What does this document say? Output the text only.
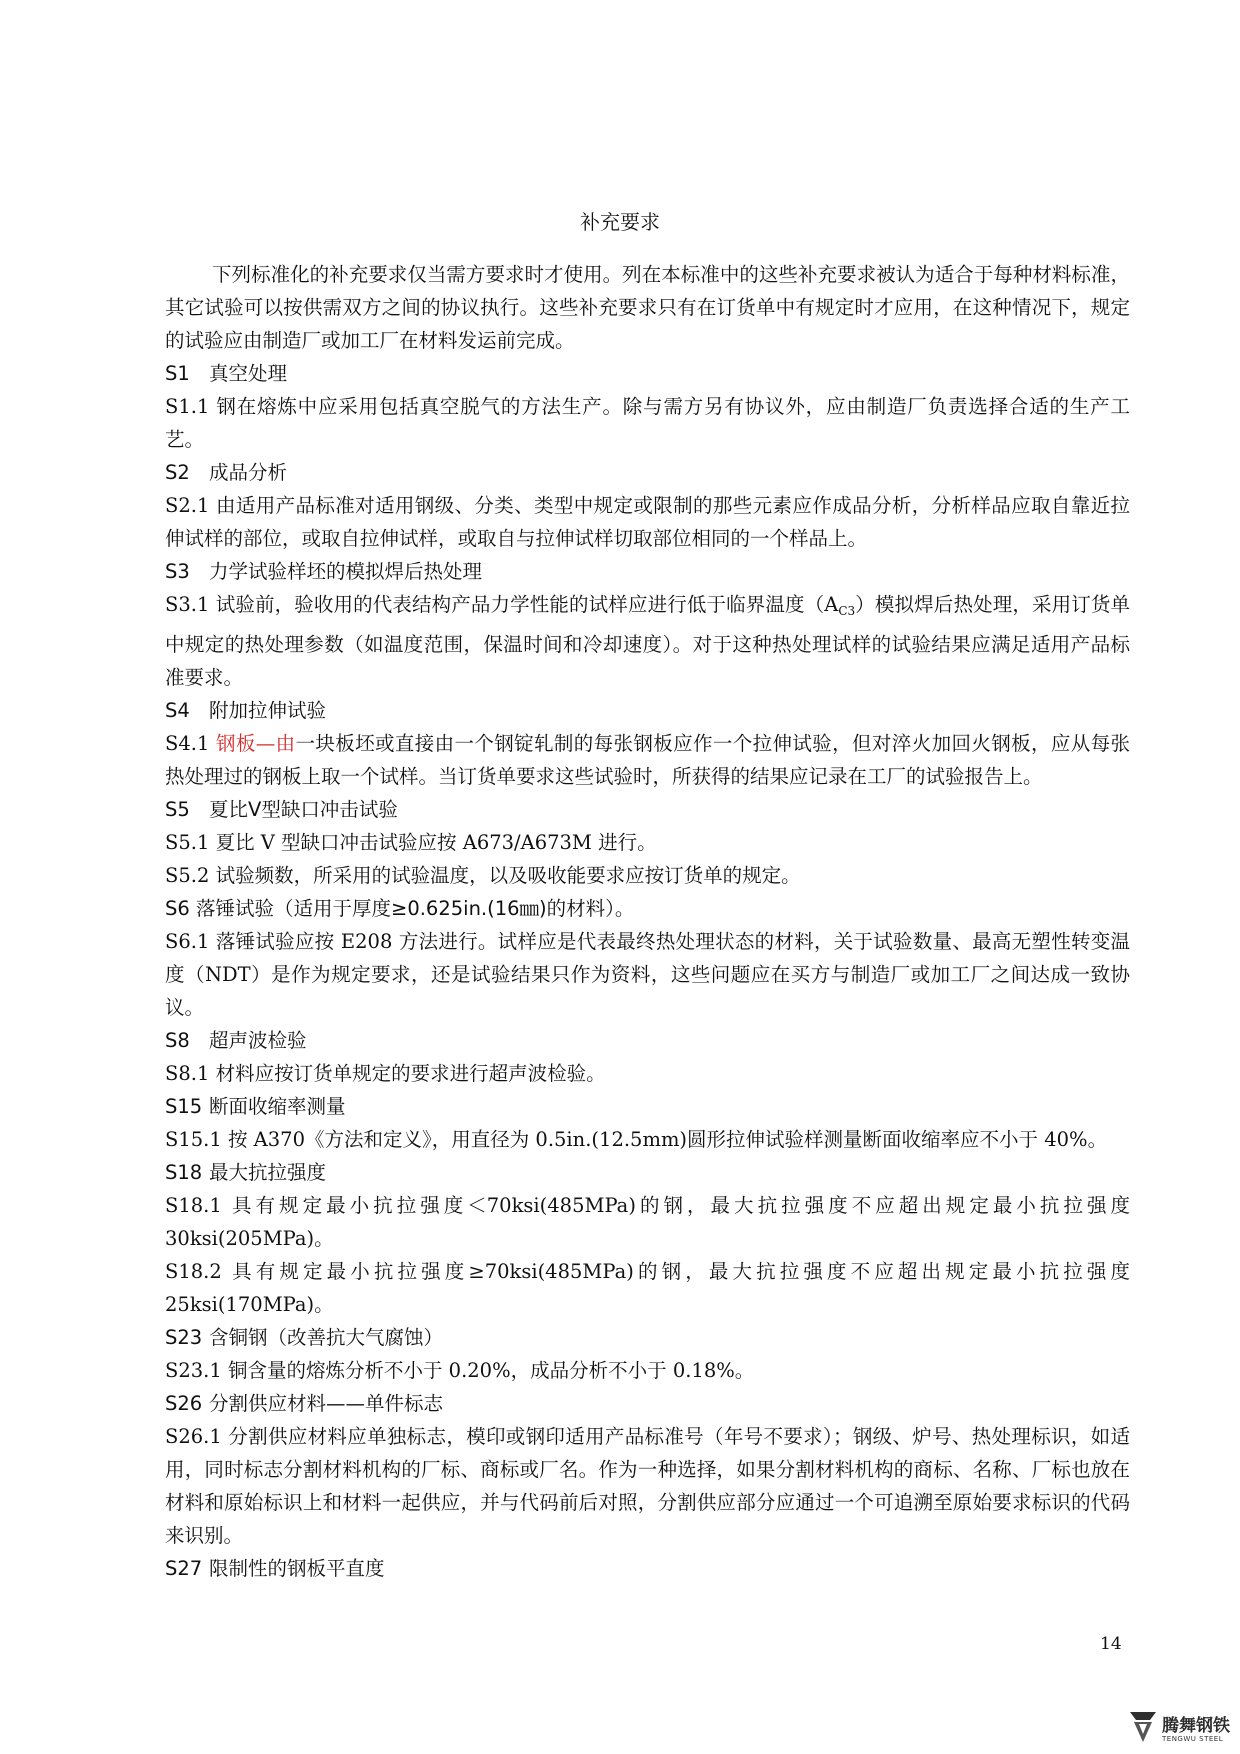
补充要求

下列标准化的补充要求仅当需方要求时才使用。列在本标准中的这些补充要求被认为适合于每种材料标准，其它试验可以按供需双方之间的协议执行。这些补充要求只有在订货单中有规定时才应用，在这种情况下，规定的试验应由制造厂或加工厂在材料发运前完成。

S1 真空处理

S1.1 钢在熔炼中应采用包括真空脱气的方法生产。除与需方另有协议外，应由制造厂负责选择合适的生产工艺。

S2 成品分析

S2.1 由适用产品标准对适用钢级、分类、类型中规定或限制的那些元素应作成品分析，分析样品应取自靠近拉伸试样的部位，或取自拉伸试样，或取自与拉伸试样切取部位相同的一个样品上。

S3 力学试验样坯的模拟焊后热处理

S3.1 试验前，验收用的代表结构产品力学性能的试样应进行低于临界温度$(A_{C3})$模拟焊后热处理，采用订货单中规定的热处理参数（如温度范围，保温时间和冷却速度）。对于这种热处理试样的试验结果应满足适用产品标准要求。

S4 附加拉伸试验

S4.1 钢板—由一块板坯或直接由一个钢锭轧制的每张钢板应作一个拉伸试验，但对淬火加回火钢板，应从每张热处理过的钢板上取一个试样。当订货单要求这些试验时，所获得的结果应记录在工厂的试验报告上。

S5 夏比V型缺口冲击试验

S5.1 夏比 V 型缺口冲击试验应按 A673/A673M 进行。

S5.2 试验频数，所采用的试验温度，以及吸收能要求应按订货单的规定。

S6 落锤试验（适用于厚度≥0.625in.(16㎜)的材料）。

S6.1 落锤试验应按 E208 方法进行。试样应是代表最终热处理状态的材料，关于试验数量、最高无塑性转变温度（NDT）是作为规定要求，还是试验结果只作为资料，这些问题应在买方与制造厂或加工厂之间达成一致协议。

S8 超声波检验

S8.1 材料应按订货单规定的要求进行超声波检验。

S15 断面收缩率测量

S15.1 按 A370《方法和定义》，用直径为 0.5in.(12.5mm)圆形拉伸试验样测量断面收缩率应不小于 40%。

S18 最大抗拉强度

S18.1 具有规定最小抗拉强度＜70ksi(485MPa)的钢，最大抗拉强度不应超出规定最小抗拉强度 30ksi(205MPa)。

S18.2 具有规定最小抗拉强度≥70ksi(485MPa)的钢，最大抗拉强度不应超出规定最小抗拉强度 25ksi(170MPa)。

S23 含铜钢（改善抗大气腐蚀）

S23.1 铜含量的熔炼分析不小于 0.20%，成品分析不小于 0.18%。

S26 分割供应材料——单件标志

S26.1 分割供应材料应单独标志，模印或钢印适用产品标准号（年号不要求）；钢级、炉号、热处理标识，如适用，同时标志分割材料机构的厂标、商标或厂名。作为一种选择，如果分割材料机构的商标、名称、厂标也放在材料和原始标识上和材料一起供应，并与代码前后对照，分割供应部分应通过一个可追溯至原始要求标识的代码来识别。

S27 限制性的钢板平直度

14
腾舞钢铁
TENGWU STEEL
